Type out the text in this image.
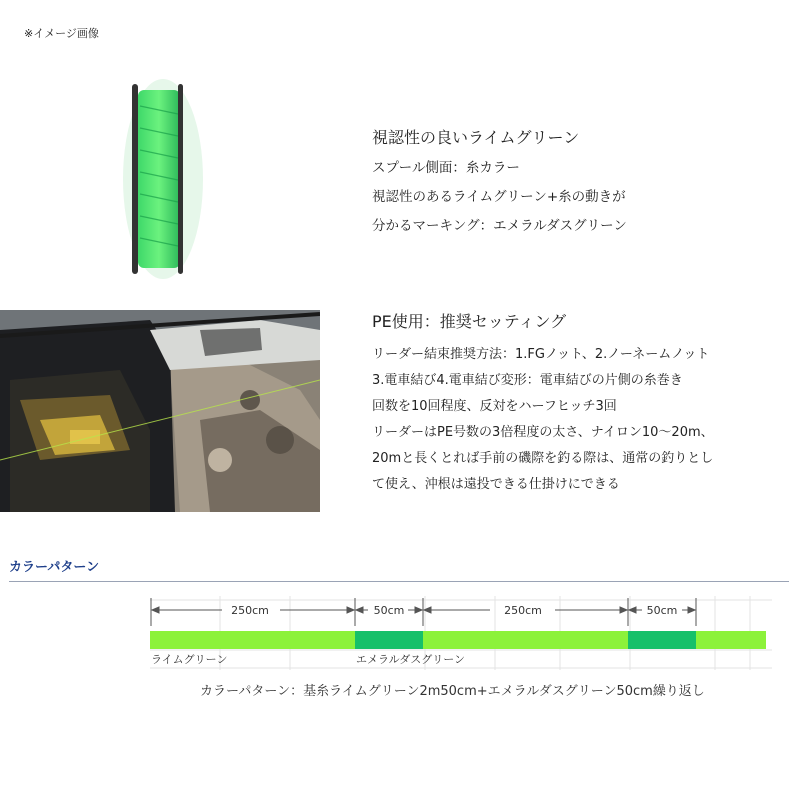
※イメージ画像
視認性の良いライムグリーン
スプール側面：糸カラー
視認性のあるライムグリーン+糸の動きが
分かるマーキング：エメラルダスグリーン
PE使用：推奨セッティング
リーダー結束推奨方法：1.FGノット、2.ノーネームノット
3.電車結び4.電車結び変形：電車結びの片側の糸巻き
回数を10回程度、反対をハーフヒッチ3回
リーダーはPE号数の3倍程度の太さ、ナイロン10〜20m、
20mと長くとれば手前の磯際を釣る際は、通常の釣りとし
て使え、沖根は遠投できる仕掛けにできる
カラーパターン
250cm	50cm	250cm	50cm
ライムグリーン	エメラルダスグリーン
カラーパターン：基糸ライムグリーン2m50cm+エメラルダスグリーン50cm繰り返し
